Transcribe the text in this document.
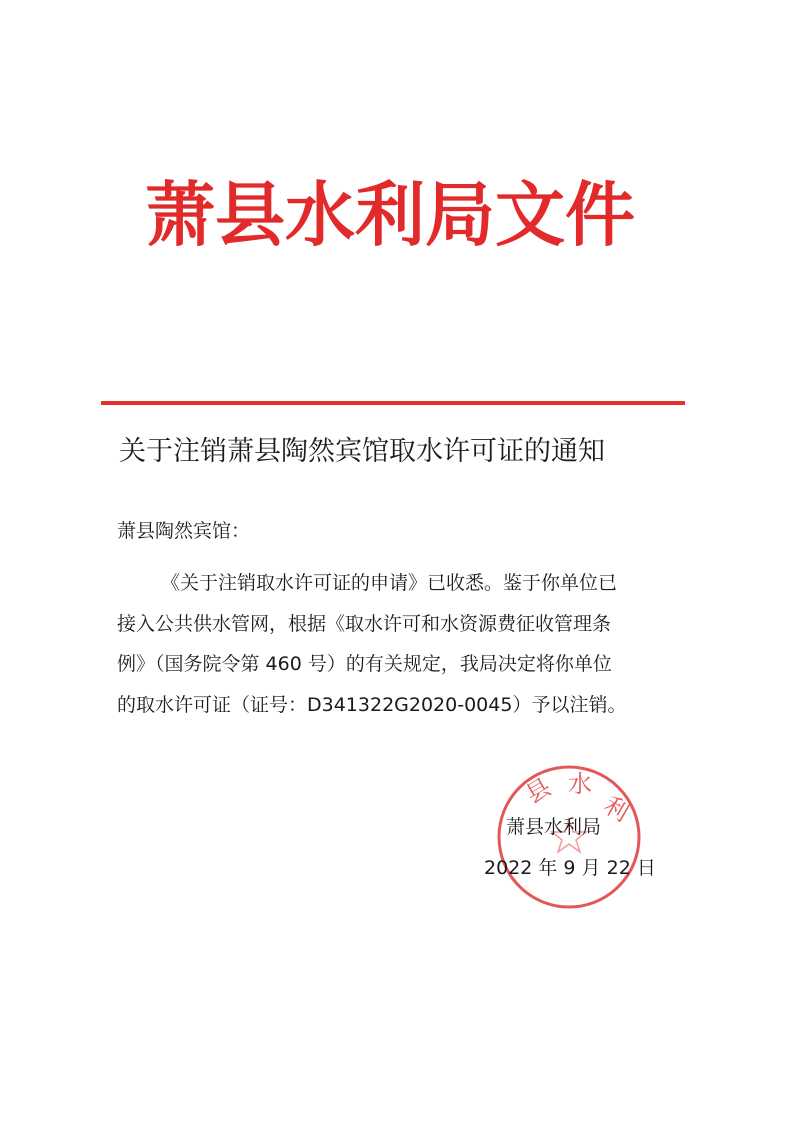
萧县水利局文件
关于注销萧县陶然宾馆取水许可证的通知
萧县陶然宾馆：
《关于注销取水许可证的申请》已收悉。鉴于你单位已
接入公共供水管网，根据《取水许可和水资源费征收管理条
例》（国务院令第 460 号）的有关规定，我局决定将你单位
的取水许可证（证号：D341322G2020-0045）予以注销。
县 水
利
萧县水利局
2022 年 9 月 22 日
